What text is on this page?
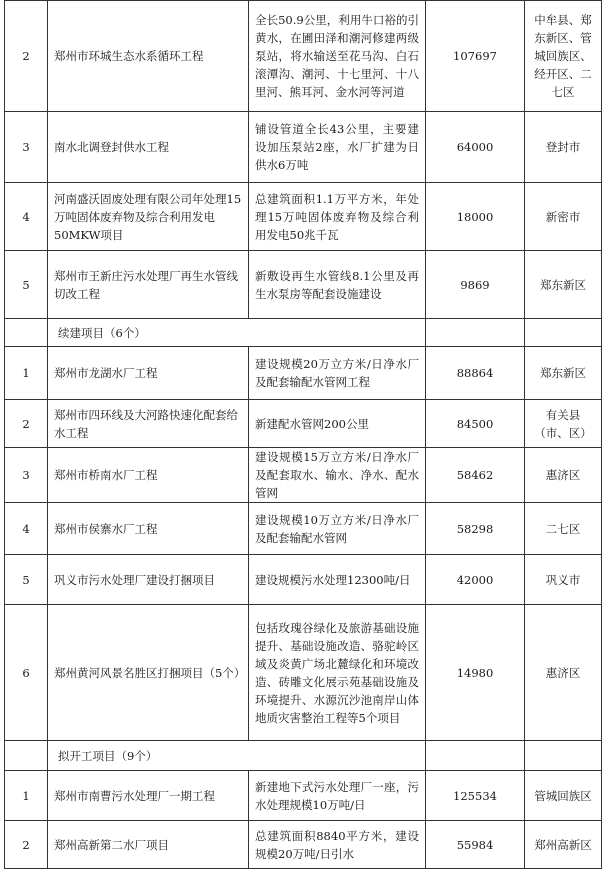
2	郑州市环城生态水系循环工程	全长50.9公里，利用牛口裕的引黄水，在圃田泽和潮河修建两级泵站，将水输送至花马沟、白石滚潭沟、潮河、十七里河、十八里河、熊耳河、金水河等河道	107697	中牟县、郑东新区、管城回族区、经开区、二七区
3	南水北调登封供水工程	铺设管道全长43公里，主要建设加压泵站2座，水厂扩建为日供水6万吨	64000	登封市
4	河南盛沃固废处理有限公司年处理15万吨固体废弃物及综合利用发电50MKW项目	总建筑面积1.1万平方米，年处理15万吨固体废弃物及综合利用发电50兆千瓦	18000	新密市
5	郑州市王新庄污水处理厂再生水管线切改工程	新敷设再生水管线8.1公里及再生水泵房等配套设施建设	9869	郑东新区
	续建项目（6个）			
1	郑州市龙湖水厂工程	建设规模20万立方米/日净水厂及配套输配水管网工程	88864	郑东新区
2	郑州市四环线及大河路快速化配套给水工程	新建配水管网200公里	84500	有关县（市、区）
3	郑州市桥南水厂工程	建设规模15万立方米/日净水厂及配套取水、输水、净水、配水管网	58462	惠济区
4	郑州市侯寨水厂工程	建设规模10万立方米/日净水厂及配套输配水管网	58298	二七区
5	巩义市污水处理厂建设打捆项目	建设规模污水处理12300吨/日	42000	巩义市
6	郑州黄河风景名胜区打捆项目（5个）	包括玫瑰谷绿化及旅游基础设施提升、基础设施改造、骆驼岭区域及炎黄广场北麓绿化和环境改造、砖雕文化展示苑基础设施及环境提升、水源沉沙池南岸山体地质灾害整治工程等5个项目	14980	惠济区
	拟开工项目（9个）			
1	郑州市南曹污水处理厂一期工程	新建地下式污水处理厂一座，污水处理规模10万吨/日	125534	管城回族区
2	郑州高新第二水厂项目	总建筑面积8840平方米，建设规模20万吨/日引水	55984	郑州高新区
